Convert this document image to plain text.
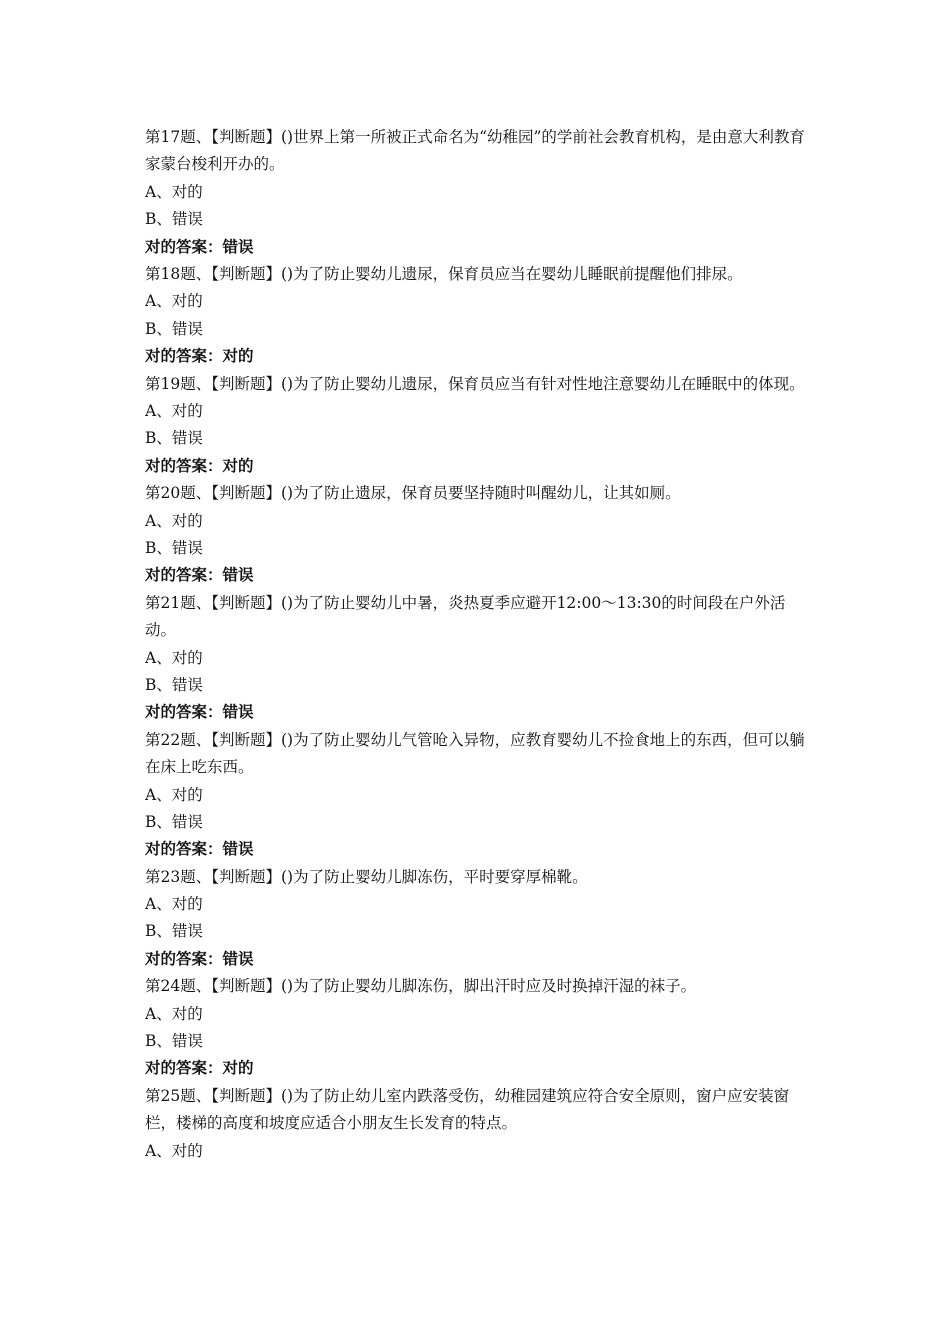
第17题、【判断题】()世界上第一所被正式命名为“幼稚园”的学前社会教育机构，是由意大利教育家蒙台梭利开办的。
A、对的
B、错误
对的答案：错误
第18题、【判断题】()为了防止婴幼儿遗尿，保育员应当在婴幼儿睡眠前提醒他们排尿。
A、对的
B、错误
对的答案：对的
第19题、【判断题】()为了防止婴幼儿遗尿，保育员应当有针对性地注意婴幼儿在睡眠中的体现。
A、对的
B、错误
对的答案：对的
第20题、【判断题】()为了防止遗尿，保育员要坚持随时叫醒幼儿，让其如厕。
A、对的
B、错误
对的答案：错误
第21题、【判断题】()为了防止婴幼儿中暑，炎热夏季应避开12:00～13:30的时间段在户外活动。
A、对的
B、错误
对的答案：错误
第22题、【判断题】()为了防止婴幼儿气管呛入异物，应教育婴幼儿不捡食地上的东西，但可以躺在床上吃东西。
A、对的
B、错误
对的答案：错误
第23题、【判断题】()为了防止婴幼儿脚冻伤，平时要穿厚棉靴。
A、对的
B、错误
对的答案：错误
第24题、【判断题】()为了防止婴幼儿脚冻伤，脚出汗时应及时换掉汗湿的袜子。
A、对的
B、错误
对的答案：对的
第25题、【判断题】()为了防止幼儿室内跌落受伤，幼稚园建筑应符合安全原则，窗户应安装窗栏，楼梯的高度和坡度应适合小朋友生长发育的特点。
A、对的
